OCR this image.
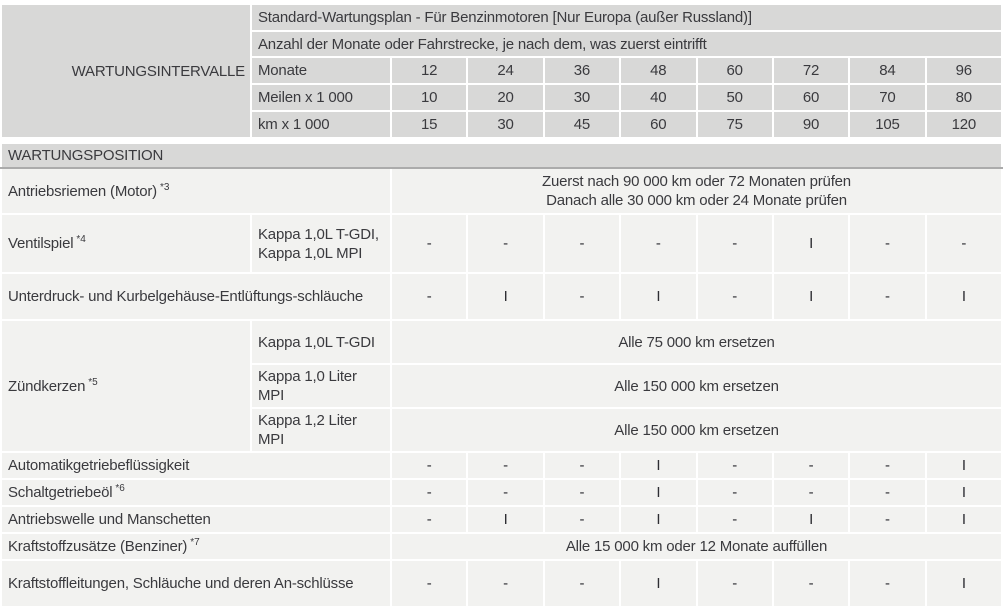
WARTUNGSINTERVALLE	Standard-Wartungsplan - Für Benzinmotoren [Nur Europa (außer Russland)]								
	Anzahl der Monate oder Fahrstrecke, je nach dem, was zuerst eintrifft								
	Monate	12	24	36	48	60	72	84	96
	Meilen x 1 000	10	20	30	40	50	60	70	80
	km x 1 000	15	30	45	60	75	90	105	120

WARTUNGSPOSITION									
Antriebsriemen (Motor) $^{*3}$		Zuerst nach 90 000 km oder 72 Monaten prüfen
Danach alle 30 000 km oder 24 Monate prüfen							

Ventilspiel $^{*4}$	Kappa 1,0L T-GDI, Kappa 1,0L MPI	-	-	-	-	-	I	-	-
Unterdruck- und Kurbelgehäuse-Entlüftungs-schläuche		-	I	-	I	-	I	-	I
Zündkerzen $^{*5}$	Kappa 1,0L T-GDI	Alle 75 000 km ersetzen							
	Kappa 1,0 Liter MPI	Alle 150 000 km ersetzen							
	Kappa 1,2 Liter MPI	Alle 150 000 km ersetzen							
Automatikgetriebeflüssigkeit		-	-	-	I	-	-	-	I
Schaltgetriebeöl $^{*6}$		-	-	-	I	-	-	-	I
Antriebswelle und Manschetten		-	I	-	I	-	I	-	I
Kraftstoffzusätze (Benziner) $^{*7}$		Alle 15 000 km oder 12 Monate auffüllen							
Kraftstoffleitungen, Schläuche und deren An-schlüsse		-	-	-	I	-	-	-	I
